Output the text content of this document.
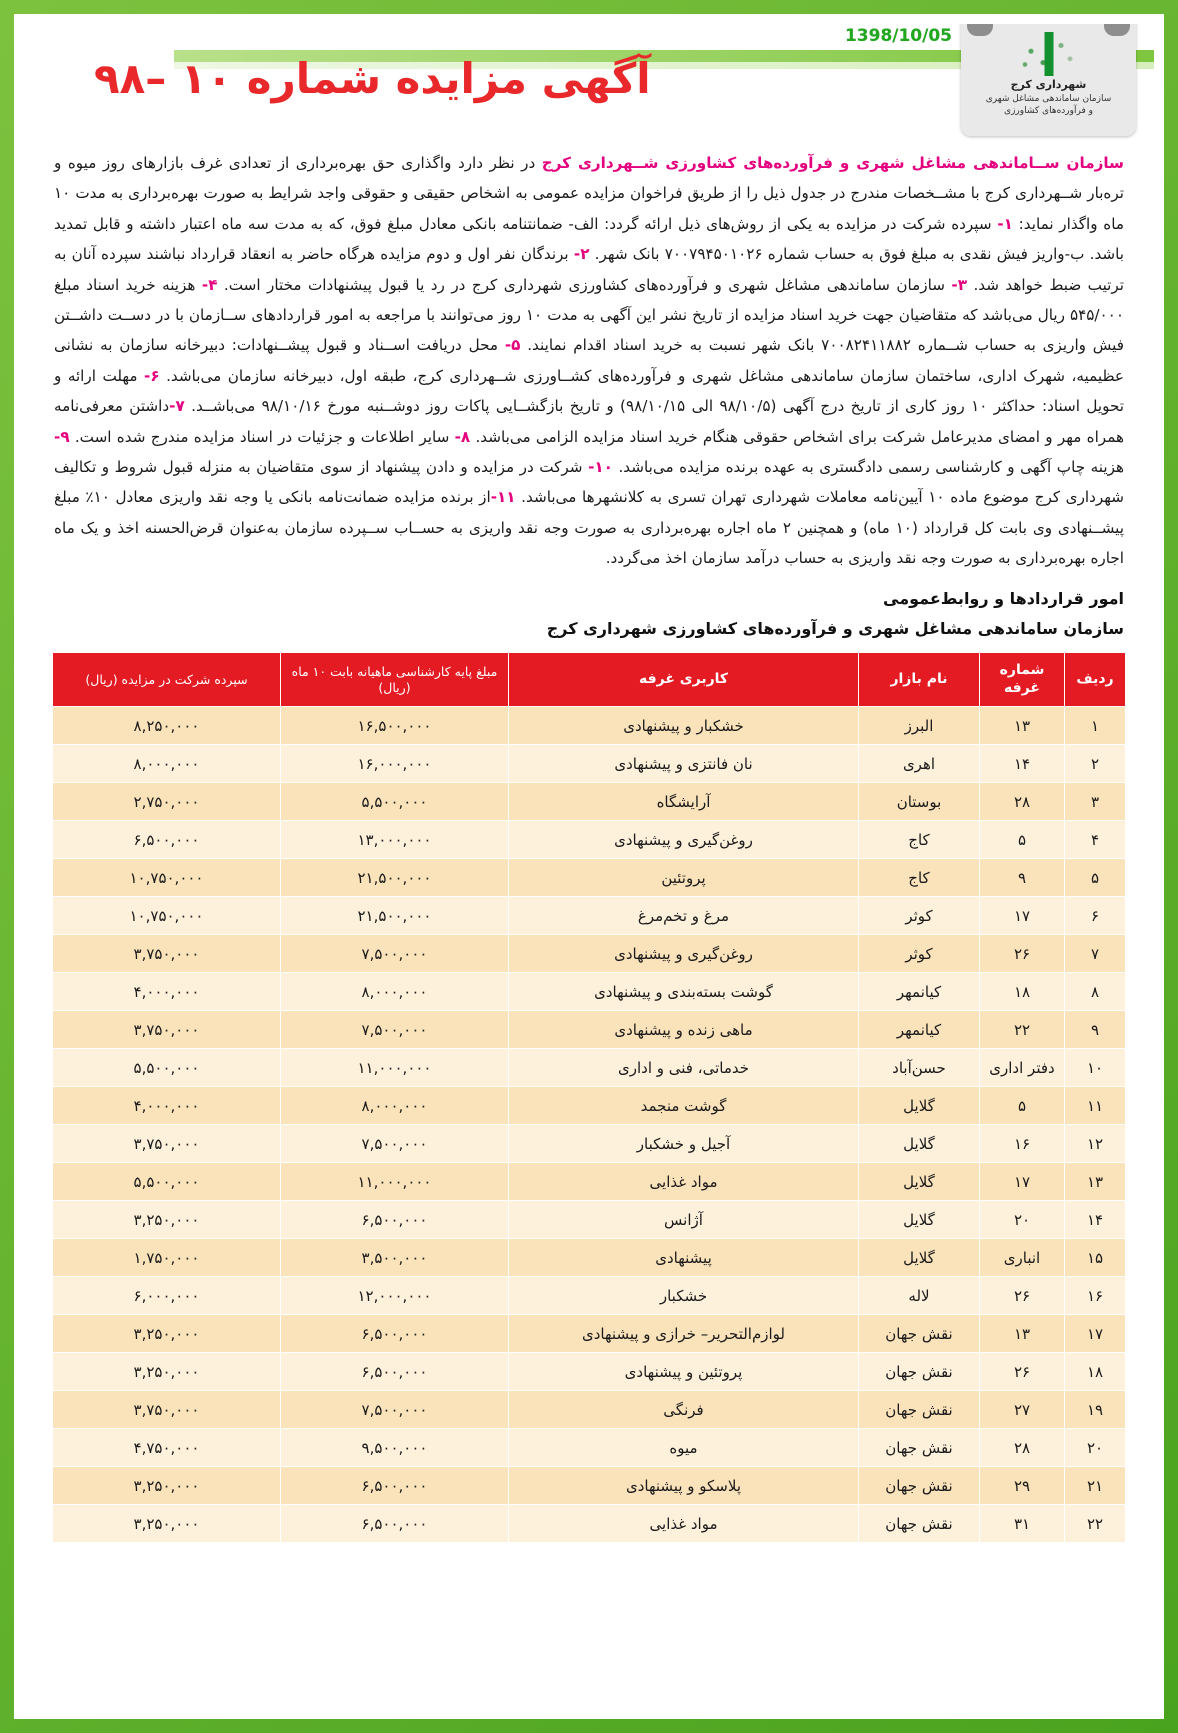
شهرداری کرج
سازمان ساماندهی مشاغل شهری
و فرآورده‌های کشاورزی
1398/10/05
آگهی مزایده شماره ۱۰ –۹۸

سازمان ســاماندهی مشاغل شهری و فرآورده‌های کشاورزی شــهرداری کرج در نظر دارد واگذاری حق بهره‌برداری از تعدادی غرف بازارهای روز میوه و تره‌بار شــهرداری کرج با مشــخصات مندرج در جدول ذیل را از طریق فراخوان مزایده عمومی به اشخاص حقیقی و حقوقی واجد شرایط به صورت بهره‌برداری به مدت ۱۰ ماه واگذار نماید: ۱- سپرده شرکت در مزایده به یکی از روش‌های ذیل ارائه گردد: الف- ضمانتنامه بانکی معادل مبلغ فوق، که به مدت سه ماه اعتبار داشته و قابل تمدید باشد. ب-واریز فیش نقدی به مبلغ فوق به حساب شماره ۷۰۰۷۹۴۵۰۱۰۲۶ بانک شهر. ۲- برندگان نفر اول و دوم مزایده هرگاه حاضر به انعقاد قرارداد نباشند سپرده آنان به ترتیب ضبط خواهد شد. ۳- سازمان ساماندهی مشاغل شهری و فرآورده‌های کشاورزی شهرداری کرج در رد یا قبول پیشنهادات مختار است. ۴- هزینه خرید اسناد مبلغ ۵۴۵/۰۰۰ ریال می‌باشد که متقاضیان جهت خرید اسناد مزایده از تاریخ نشر این آگهی به مدت ۱۰ روز می‌توانند با مراجعه به امور قراردادهای ســازمان با در دســت داشــتن فیش واریزی به حساب شــماره ۷۰۰۸۲۴۱۱۸۸۲ بانک شهر نسبت به خرید اسناد اقدام نمایند. ۵- محل دریافت اســناد و قبول پیشــنهادات: دبیرخانه سازمان به نشانی عظیمیه، شهرک اداری، ساختمان سازمان ساماندهی مشاغل شهری و فرآورده‌های کشــاورزی شــهرداری کرج، طبقه اول، دبیرخانه سازمان می‌باشد. ۶- مهلت ارائه و تحویل اسناد: حداکثر ۱۰ روز کاری از تاریخ درج آگهی (۹۸/۱۰/۵ الی ۹۸/۱۰/۱۵) و تاریخ بازگشــایی پاکات روز دوشــنبه مورخ ۹۸/۱۰/۱۶ می‌باشــد. ۷-داشتن معرفی‌نامه همراه مهر و امضای مدیرعامل شرکت برای اشخاص حقوقی هنگام خرید اسناد مزایده الزامی می‌باشد. ۸- سایر اطلاعات و جزئیات در اسناد مزایده مندرج شده است. ۹- هزینه چاپ آگهی و کارشناسی رسمی دادگستری به عهده برنده مزایده می‌باشد. ۱۰- شرکت در مزایده و دادن پیشنهاد از سوی متقاضیان به منزله قبول شروط و تکالیف شهرداری کرج موضوع ماده ۱۰ آیین‌نامه معاملات شهرداری تهران تسری به کلانشهرها می‌باشد. ۱۱-از برنده مزایده ضمانت‌نامه بانکی یا وجه نقد واریزی معادل ۱۰٪ مبلغ پیشــنهادی وی بابت کل قرارداد (۱۰ ماه) و همچنین ۲ ماه اجاره بهره‌برداری به صورت وجه نقد واریزی به حســاب ســپرده سازمان به‌عنوان قرض‌الحسنه اخذ و یک ماه اجاره بهره‌برداری به صورت وجه نقد واریزی به حساب درآمد سازمان اخذ می‌گردد.

امور قراردادها و روابط‌عمومی
سازمان ساماندهی مشاغل شهری و فرآورده‌های کشاورزی شهرداری کرج
ردیف	شماره غرفه	نام بازار	کاربری غرفه	مبلغ پایه کارشناسی ماهیانه بابت ۱۰ ماه (ریال)	سپرده شرکت در مزایده (ریال)
۱	۱۳	البرز	خشکبار و پیشنهادی	۱۶,۵۰۰,۰۰۰	۸,۲۵۰,۰۰۰
۲	۱۴	اهری	نان فانتزی و پیشنهادی	۱۶,۰۰۰,۰۰۰	۸,۰۰۰,۰۰۰
۳	۲۸	بوستان	آرایشگاه	۵,۵۰۰,۰۰۰	۲,۷۵۰,۰۰۰
۴	۵	کاج	روغن‌گیری و پیشنهادی	۱۳,۰۰۰,۰۰۰	۶,۵۰۰,۰۰۰
۵	۹	کاج	پروتئین	۲۱,۵۰۰,۰۰۰	۱۰,۷۵۰,۰۰۰
۶	۱۷	کوثر	مرغ و تخم‌مرغ	۲۱,۵۰۰,۰۰۰	۱۰,۷۵۰,۰۰۰
۷	۲۶	کوثر	روغن‌گیری و پیشنهادی	۷,۵۰۰,۰۰۰	۳,۷۵۰,۰۰۰
۸	۱۸	کیانمهر	گوشت بسته‌بندی و پیشنهادی	۸,۰۰۰,۰۰۰	۴,۰۰۰,۰۰۰
۹	۲۲	کیانمهر	ماهی زنده و پیشنهادی	۷,۵۰۰,۰۰۰	۳,۷۵۰,۰۰۰
۱۰	دفتر اداری	حسن‌آباد	خدماتی، فنی و اداری	۱۱,۰۰۰,۰۰۰	۵,۵۰۰,۰۰۰
۱۱	۵	گلایل	گوشت منجمد	۸,۰۰۰,۰۰۰	۴,۰۰۰,۰۰۰
۱۲	۱۶	گلایل	آجیل و خشکبار	۷,۵۰۰,۰۰۰	۳,۷۵۰,۰۰۰
۱۳	۱۷	گلایل	مواد غذایی	۱۱,۰۰۰,۰۰۰	۵,۵۰۰,۰۰۰
۱۴	۲۰	گلایل	آژانس	۶,۵۰۰,۰۰۰	۳,۲۵۰,۰۰۰
۱۵	انباری	گلایل	پیشنهادی	۳,۵۰۰,۰۰۰	۱,۷۵۰,۰۰۰
۱۶	۲۶	لاله	خشکبار	۱۲,۰۰۰,۰۰۰	۶,۰۰۰,۰۰۰
۱۷	۱۳	نقش جهان	لوازم‌التحریر– خرازی و پیشنهادی	۶,۵۰۰,۰۰۰	۳,۲۵۰,۰۰۰
۱۸	۲۶	نقش جهان	پروتئین و پیشنهادی	۶,۵۰۰,۰۰۰	۳,۲۵۰,۰۰۰
۱۹	۲۷	نقش جهان	فرنگی	۷,۵۰۰,۰۰۰	۳,۷۵۰,۰۰۰
۲۰	۲۸	نقش جهان	میوه	۹,۵۰۰,۰۰۰	۴,۷۵۰,۰۰۰
۲۱	۲۹	نقش جهان	پلاسکو و پیشنهادی	۶,۵۰۰,۰۰۰	۳,۲۵۰,۰۰۰
۲۲	۳۱	نقش جهان	مواد غذایی	۶,۵۰۰,۰۰۰	۳,۲۵۰,۰۰۰
